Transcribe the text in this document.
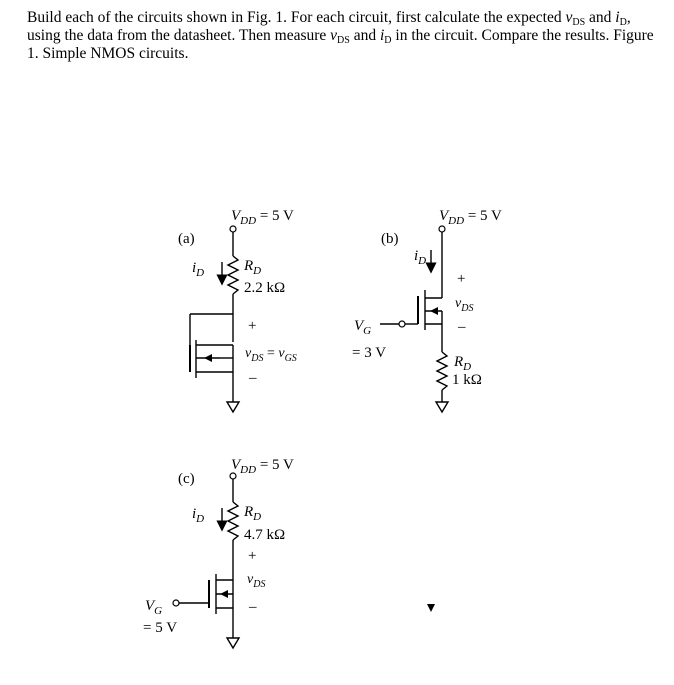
Build each of the circuits shown in Fig. 1. For each circuit, first calculate the expected $v_{DS}$ and $i_D$, using the data from the datasheet. Then measure $v_{DS}$ and $i_D$ in the circuit. Compare the results. Figure 1. Simple NMOS circuits.

(a)
$V_{DD} = 5$ V
$i_D$	$R_D$
2.2 kΩ
+
–
$v_{DS} = v_{GS}$
(b)
$V_{DD} = 5$ V
$i_D$
$V_G$
= 3 V
+
$v_{DS}$
–
$R_D$
1 kΩ
(c)
$V_{DD} = 5$ V
$i_D$	$R_D$
4.7 kΩ
$V_G$
= 5 V
+
$v_{DS}$
–
